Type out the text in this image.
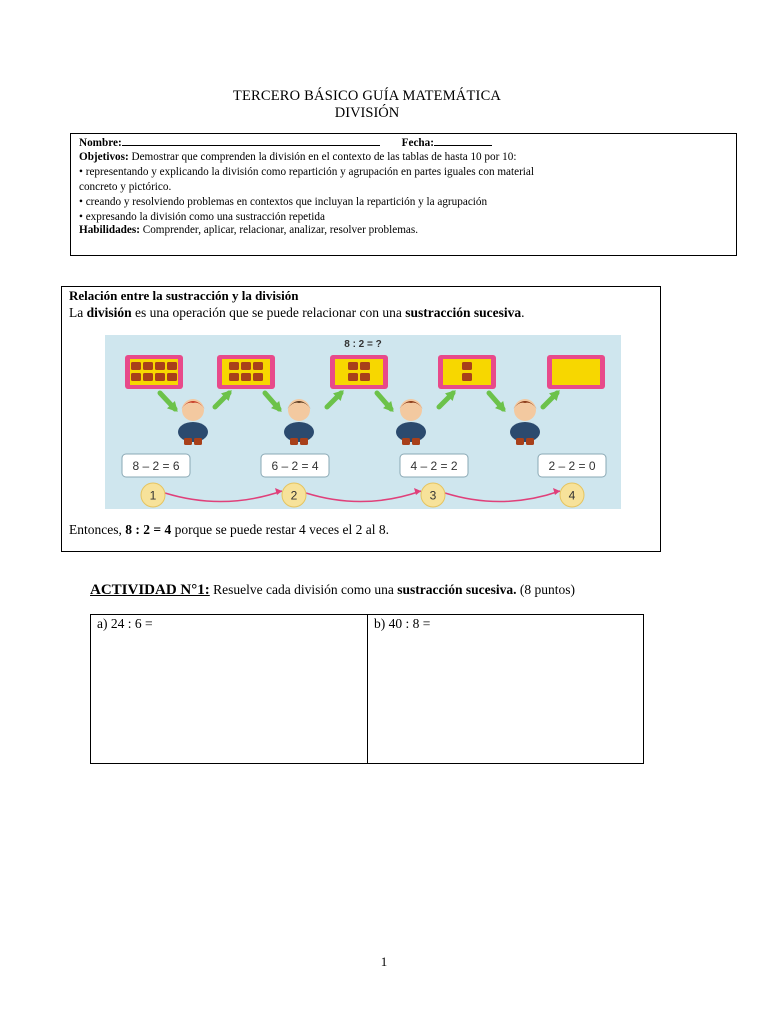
TERCERO BÁSICO GUÍA MATEMÁTICA
DIVISIÓN
Nombre:	Fecha:
Objetivos: Demostrar que comprenden la división en el contexto de las tablas de hasta 10 por 10:
• representando y explicando la división como repartición y agrupación en partes iguales con material
concreto y pictórico.
• creando y resolviendo problemas en contextos que incluyan la repartición y la agrupación
• expresando la división como una sustracción repetida
Habilidades: Comprender, aplicar, relacionar, analizar, resolver problemas.
Relación entre la sustracción y la división
La división es una operación que se puede relacionar con una sustracción sucesiva.
8 : 2 = ?
8 – 2 = 6	6 – 2 = 4	4 – 2 = 2	2 – 2 = 0
1	2	3	4
Entonces, 8 : 2 = 4 porque se puede restar 4 veces el 2 al 8.
ACTIVIDAD N°1: Resuelve cada división como una sustracción sucesiva. (8 puntos)
a) 24 : 6 =	b) 40 : 8 =
1
